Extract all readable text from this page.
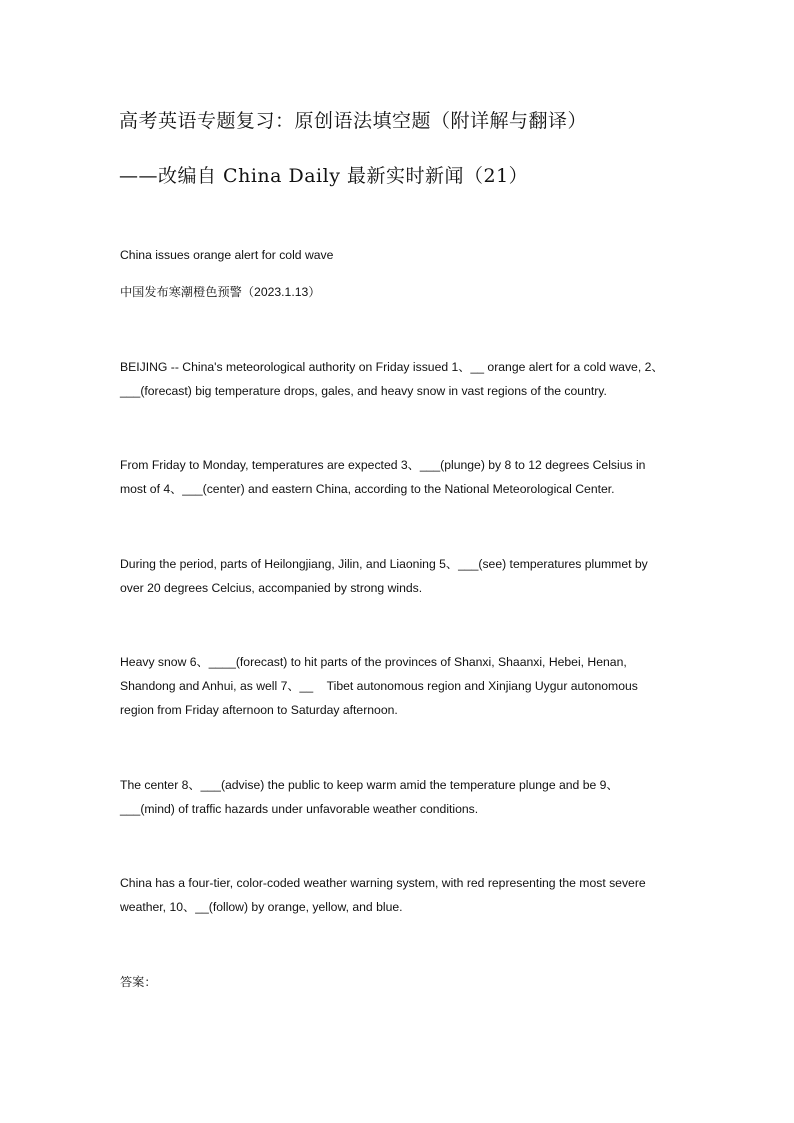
高考英语专题复习：原创语法填空题（附详解与翻译）
——改编自 China Daily 最新实时新闻（21）
China issues orange alert for cold wave
中国发布寒潮橙色预警（2023.1.13）
BEIJING -- China's meteorological authority on Friday issued 1、__ orange alert for a cold wave, 2、
___(forecast) big temperature drops, gales, and heavy snow in vast regions of the country.
From Friday to Monday, temperatures are expected 3、___(plunge) by 8 to 12 degrees Celsius in
most of 4、___(center) and eastern China, according to the National Meteorological Center.
During the period, parts of Heilongjiang, Jilin, and Liaoning 5、___(see) temperatures plummet by
over 20 degrees Celcius, accompanied by strong winds.
Heavy snow 6、____(forecast) to hit parts of the provinces of Shanxi, Shaanxi, Hebei, Henan,
Shandong and Anhui, as well 7、__    Tibet autonomous region and Xinjiang Uygur autonomous
region from Friday afternoon to Saturday afternoon.
The center 8、___(advise) the public to keep warm amid the temperature plunge and be 9、
___(mind) of traffic hazards under unfavorable weather conditions.
China has a four-tier, color-coded weather warning system, with red representing the most severe
weather, 10、__(follow) by orange, yellow, and blue.
答案：
